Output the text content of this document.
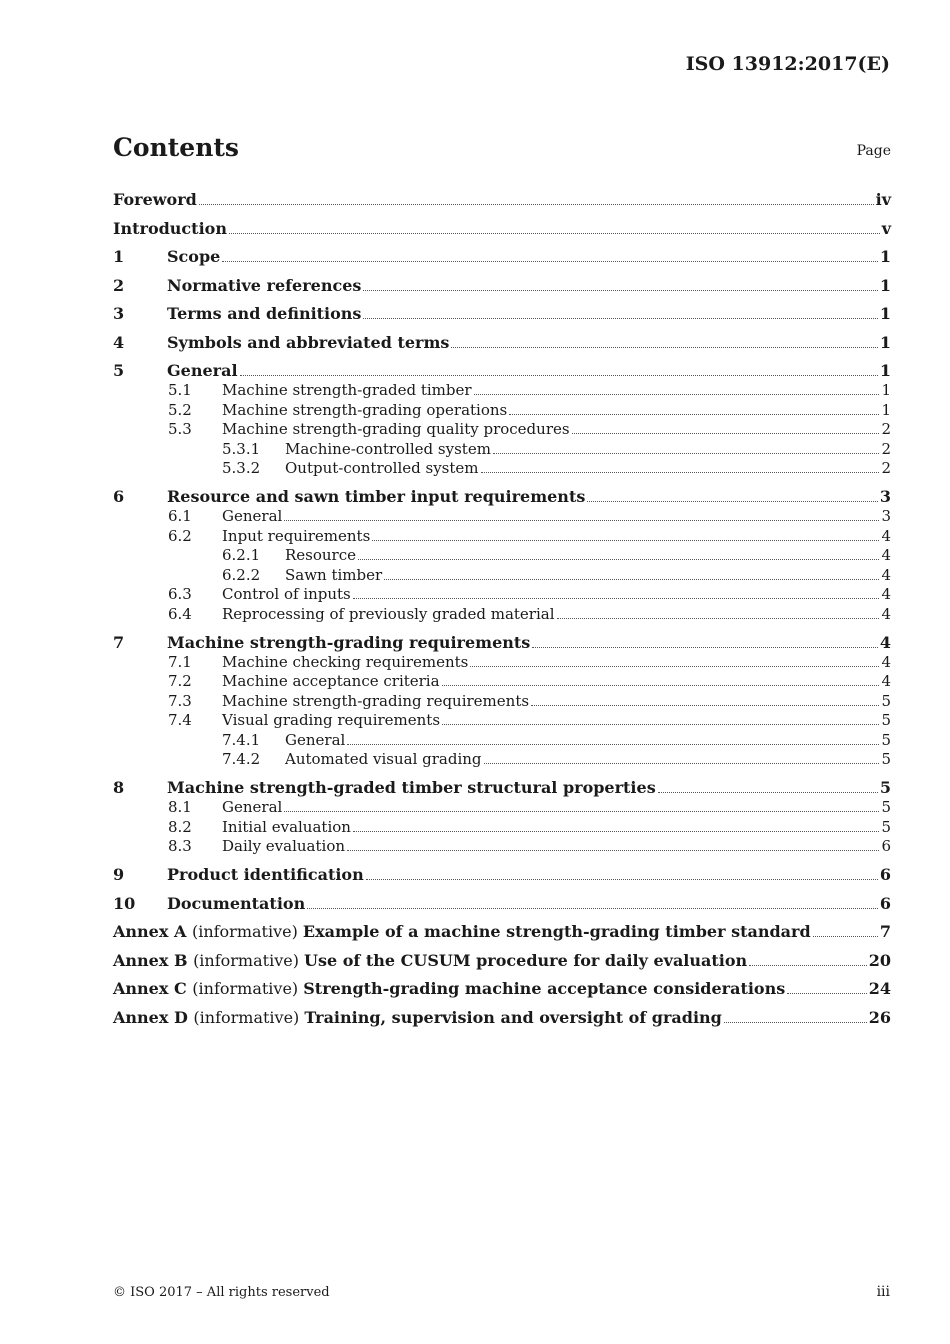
ISO 13912:2017(E)
Contents	Page
Foreword	iv
Introduction	v
1	Scope	1
2	Normative references	1
3	Terms and definitions	1
4	Symbols and abbreviated terms	1
5	General	1
5.1	Machine strength-graded timber	1
5.2	Machine strength-grading operations	1
5.3	Machine strength-grading quality procedures	2
5.3.1	Machine-controlled system	2
5.3.2	Output-controlled system	2
6	Resource and sawn timber input requirements	3
6.1	General	3
6.2	Input requirements	4
6.2.1	Resource	4
6.2.2	Sawn timber	4
6.3	Control of inputs	4
6.4	Reprocessing of previously graded material	4
7	Machine strength-grading requirements	4
7.1	Machine checking requirements	4
7.2	Machine acceptance criteria	4
7.3	Machine strength-grading requirements	5
7.4	Visual grading requirements	5
7.4.1	General	5
7.4.2	Automated visual grading	5
8	Machine strength-graded timber structural properties	5
8.1	General	5
8.2	Initial evaluation	5
8.3	Daily evaluation	6
9	Product identification	6
10	Documentation	6
Annex A (informative) Example of a machine strength-grading timber standard	7
Annex B (informative) Use of the CUSUM procedure for daily evaluation	20
Annex C (informative) Strength-grading machine acceptance considerations	24
Annex D (informative) Training, supervision and oversight of grading	26
© ISO 2017 – All rights reserved	iii
